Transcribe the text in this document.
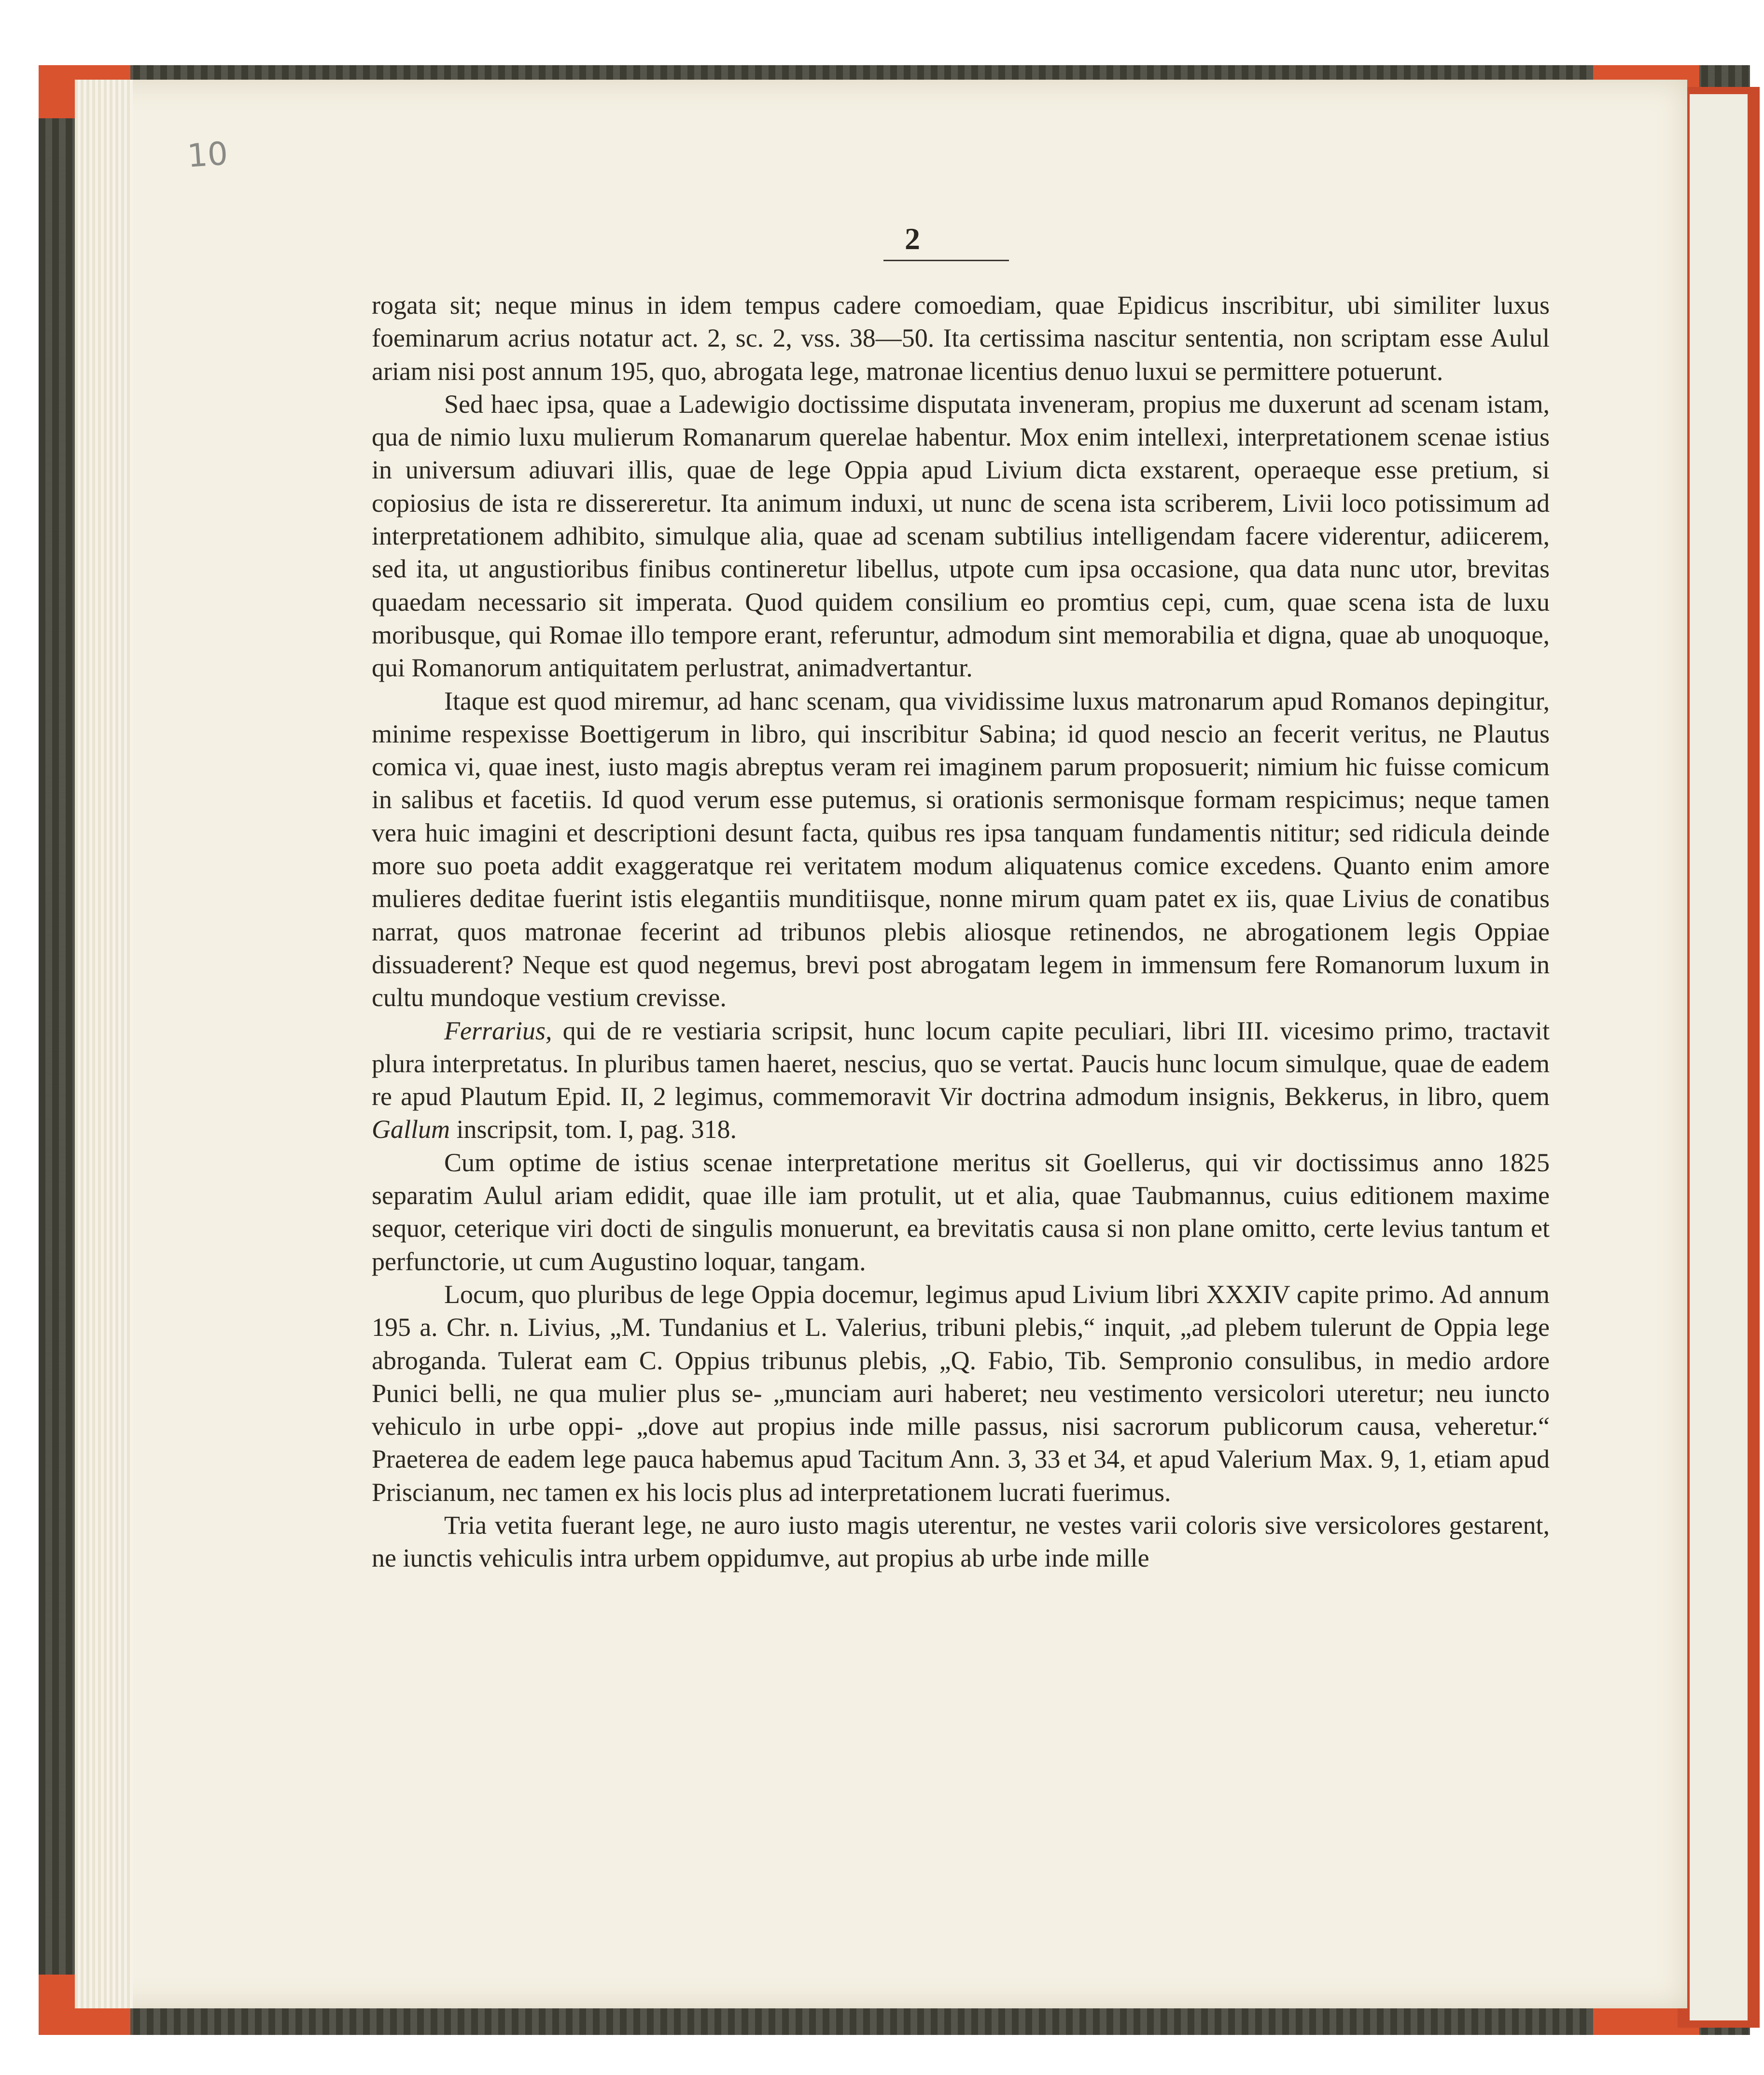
10
2

rogata sit; neque minus in idem tempus cadere comoediam, quae Epidicus inscribitur, ubi similiter luxus foeminarum acrius notatur act. 2, sc. 2, vss. 38—50. Ita certissima nascitur sententia, non scriptam esse Aulul ariam nisi post annum 195, quo, abrogata lege, matronae licentius denuo luxui se permittere potuerunt.

Sed haec ipsa, quae a Ladewigio doctissime disputata inveneram, propius me duxerunt ad scenam istam, qua de nimio luxu mulierum Romanarum querelae habentur. Mox enim intellexi, interpretationem scenae istius in universum adiuvari illis, quae de lege Oppia apud Livium dicta exstarent, operaeque esse pretium, si copiosius de ista re dissereretur. Ita animum induxi, ut nunc de scena ista scriberem, Livii loco potissimum ad interpretationem adhibito, simulque alia, quae ad scenam subtilius intelligendam facere viderentur, adiicerem, sed ita, ut angustioribus finibus contineretur libellus, utpote cum ipsa occasione, qua data nunc utor, brevitas quaedam necessario sit imperata. Quod quidem consilium eo promtius cepi, cum, quae scena ista de luxu moribusque, qui Romae illo tempore erant, referuntur, admodum sint memorabilia et digna, quae ab unoquoque, qui Romanorum antiquitatem perlustrat, animadvertantur.

Itaque est quod miremur, ad hanc scenam, qua vividissime luxus matronarum apud Romanos depingitur, minime respexisse Boettigerum in libro, qui inscribitur Sabina; id quod nescio an fecerit veritus, ne Plautus comica vi, quae inest, iusto magis abreptus veram rei imaginem parum proposuerit; nimium hic fuisse comicum in salibus et facetiis. Id quod verum esse putemus, si orationis sermonisque formam respicimus; neque tamen vera huic imagini et descriptioni desunt facta, quibus res ipsa tanquam fundamentis nititur; sed ridicula deinde more suo poeta addit exaggeratque rei veritatem modum aliquatenus comice excedens. Quanto enim amore mulieres deditae fuerint istis elegantiis munditiisque, nonne mirum quam patet ex iis, quae Livius de conatibus narrat, quos matronae fecerint ad tribunos plebis aliosque retinendos, ne abrogationem legis Oppiae dissuaderent? Neque est quod negemus, brevi post abrogatam legem in immensum fere Romanorum luxum in cultu mundoque vestium crevisse.

Ferrarius, qui de re vestiaria scripsit, hunc locum capite peculiari, libri III. vicesimo primo, tractavit plura interpretatus. In pluribus tamen haeret, nescius, quo se vertat. Paucis hunc locum simulque, quae de eadem re apud Plautum Epid. II, 2 legimus, commemoravit Vir doctrina admodum insignis, Bekkerus, in libro, quem Gallum inscripsit, tom. I, pag. 318.

Cum optime de istius scenae interpretatione meritus sit Goellerus, qui vir doctissimus anno 1825 separatim Aulul ariam edidit, quae ille iam protulit, ut et alia, quae Taubmannus, cuius editionem maxime sequor, ceterique viri docti de singulis monuerunt, ea brevitatis causa si non plane omitto, certe levius tantum et perfunctorie, ut cum Augustino loquar, tangam.

Locum, quo pluribus de lege Oppia docemur, legimus apud Livium libri XXXIV capite primo. Ad annum 195 a. Chr. n. Livius, „M. Tundanius et L. Valerius, tribuni plebis,“ inquit, „ad plebem tulerunt de Oppia lege abroganda. Tulerat eam C. Oppius tribunus plebis, „Q. Fabio, Tib. Sempronio consulibus, in medio ardore Punici belli, ne qua mulier plus se- „munciam auri haberet; neu vestimento versicolori uteretur; neu iuncto vehiculo in urbe oppi- „dove aut propius inde mille passus, nisi sacrorum publicorum causa, veheretur.“ Praeterea de eadem lege pauca habemus apud Tacitum Ann. 3, 33 et 34, et apud Valerium Max. 9, 1, etiam apud Priscianum, nec tamen ex his locis plus ad interpretationem lucrati fuerimus.

Tria vetita fuerant lege, ne auro iusto magis uterentur, ne vestes varii coloris sive versicolores gestarent, ne iunctis vehiculis intra urbem oppidumve, aut propius ab urbe inde mille
